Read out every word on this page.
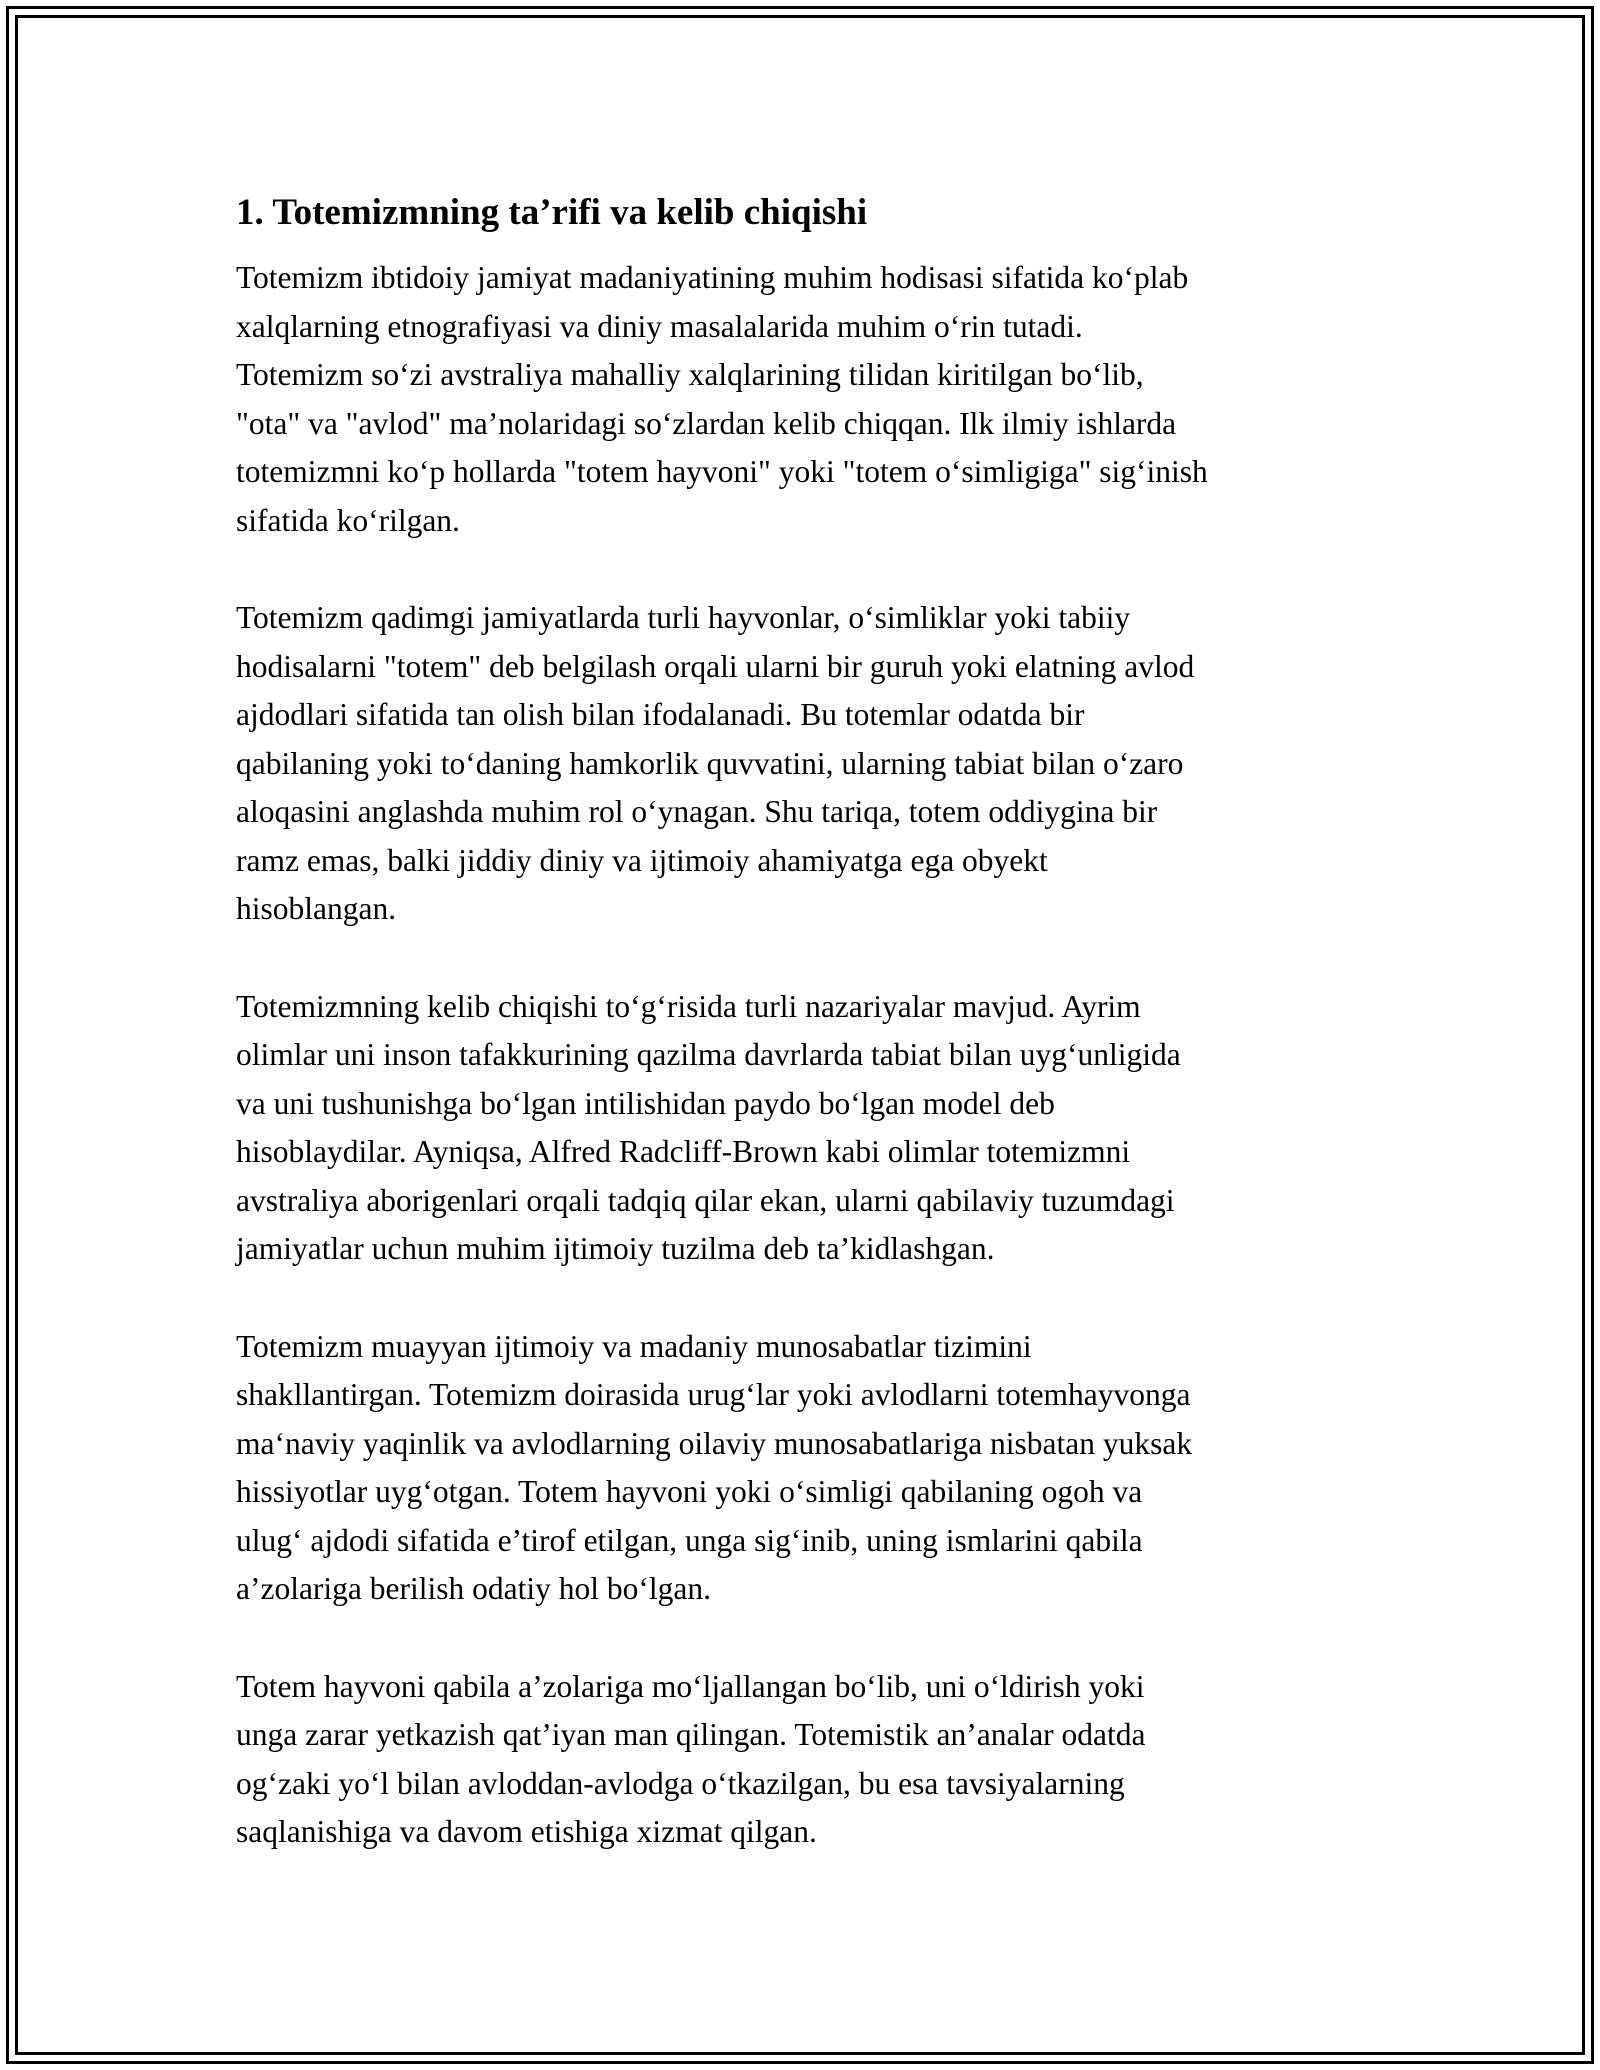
1. Totemizmning ta’rifi va kelib chiqishi

Totemizm ibtidoiy jamiyat madaniyatining muhim hodisasi sifatida ko‘plab
xalqlarning etnografiyasi va diniy masalalarida muhim o‘rin tutadi.
Totemizm so‘zi avstraliya mahalliy xalqlarining tilidan kiritilgan bo‘lib,
"ota" va "avlod" ma’nolaridagi so‘zlardan kelib chiqqan. Ilk ilmiy ishlarda
totemizmni ko‘p hollarda "totem hayvoni" yoki "totem o‘simligiga" sig‘inish
sifatida ko‘rilgan.

Totemizm qadimgi jamiyatlarda turli hayvonlar, o‘simliklar yoki tabiiy
hodisalarni "totem" deb belgilash orqali ularni bir guruh yoki elatning avlod
ajdodlari sifatida tan olish bilan ifodalanadi. Bu totemlar odatda bir
qabilaning yoki to‘daning hamkorlik quvvatini, ularning tabiat bilan o‘zaro
aloqasini anglashda muhim rol o‘ynagan. Shu tariqa, totem oddiygina bir
ramz emas, balki jiddiy diniy va ijtimoiy ahamiyatga ega obyekt
hisoblangan.

Totemizmning kelib chiqishi to‘g‘risida turli nazariyalar mavjud. Ayrim
olimlar uni inson tafakkurining qazilma davrlarda tabiat bilan uyg‘unligida
va uni tushunishga bo‘lgan intilishidan paydo bo‘lgan model deb
hisoblaydilar. Ayniqsa, Alfred Radcliff-Brown kabi olimlar totemizmni
avstraliya aborigenlari orqali tadqiq qilar ekan, ularni qabilaviy tuzumdagi
jamiyatlar uchun muhim ijtimoiy tuzilma deb ta’kidlashgan.

Totemizm muayyan ijtimoiy va madaniy munosabatlar tizimini
shakllantirgan. Totemizm doirasida urug‘lar yoki avlodlarni totemhayvonga
ma‘naviy yaqinlik va avlodlarning oilaviy munosabatlariga nisbatan yuksak
hissiyotlar uyg‘otgan. Totem hayvoni yoki o‘simligi qabilaning ogoh va
ulug‘ ajdodi sifatida e’tirof etilgan, unga sig‘inib, uning ismlarini qabila
a’zolariga berilish odatiy hol bo‘lgan.

Totem hayvoni qabila a’zolariga mo‘ljallangan bo‘lib, uni o‘ldirish yoki
unga zarar yetkazish qat’iyan man qilingan. Totemistik an’analar odatda
og‘zaki yo‘l bilan avloddan-avlodga o‘tkazilgan, bu esa tavsiyalarning
saqlanishiga va davom etishiga xizmat qilgan.
